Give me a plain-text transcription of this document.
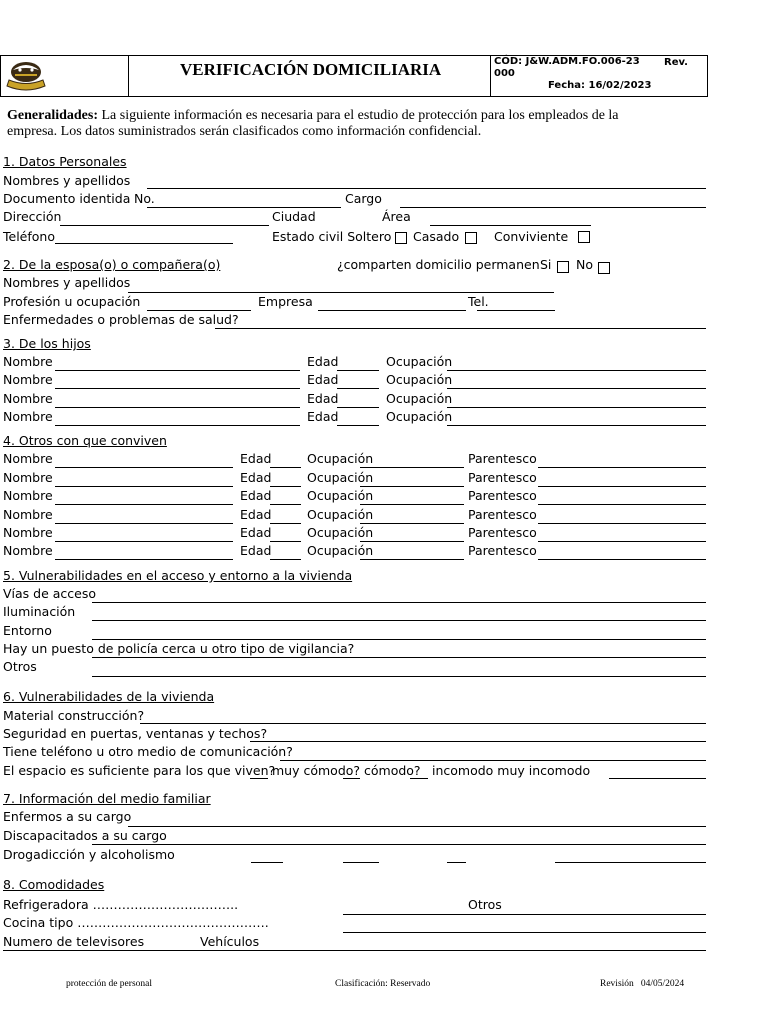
VERIFICACIÓN DOMICILIARIA	CÓD: J&W.ADM.FO.006-23 Rev.
000
Fecha: 16/02/2023
Generalidades: La siguiente información es necesaria para el estudio de protección para los empleados de la
empresa. Los datos suministrados serán clasificados como información confidencial.
1. Datos Personales
Nombres y apellidos
Documento identida No.	Cargo
Dirección	Ciudad	Área
Teléfono	Estado civil Soltero Casado	Conviviente
2. De la esposa(o) o compañera(o)	¿comparten domicilio permanen Si No
Nombres y apellidos
Profesión u ocupación	Empresa	Tel.
Enfermedades o problemas de salud?
3. De los hijos
Nombre	Edad	Ocupación
Nombre	Edad	Ocupación
Nombre	Edad	Ocupación
Nombre	Edad	Ocupación
4. Otros con que conviven
Nombre	Edad	Ocupación	Parentesco
Nombre	Edad	Ocupación	Parentesco
Nombre	Edad	Ocupación	Parentesco
Nombre	Edad	Ocupación	Parentesco
Nombre	Edad	Ocupación	Parentesco
Nombre	Edad	Ocupación	Parentesco
5. Vulnerabilidades en el acceso y entorno a la vivienda
Vías de acceso
Iluminación
Entorno
Hay un puesto de policía cerca u otro tipo de vigilancia?
Otros
6. Vulnerabilidades de la vivienda
Material construcción?
Seguridad en puertas, ventanas y techos?
Tiene teléfono u otro medio de comunicación?
El espacio es suficiente para los que viven?
muy cómodo? cómodo? incomodo muy incomodo
7. Información del medio familiar
Enfermos a su cargo
Discapacitados a su cargo
Drogadicción y alcoholismo
8. Comodidades
Refrigeradora ……………………………..	Otros
Cocina tipo ……………………………………….
Numero de televisores	Vehículos
protección de personal	Clasificación: Reservado	Revisión   04/05/2024
